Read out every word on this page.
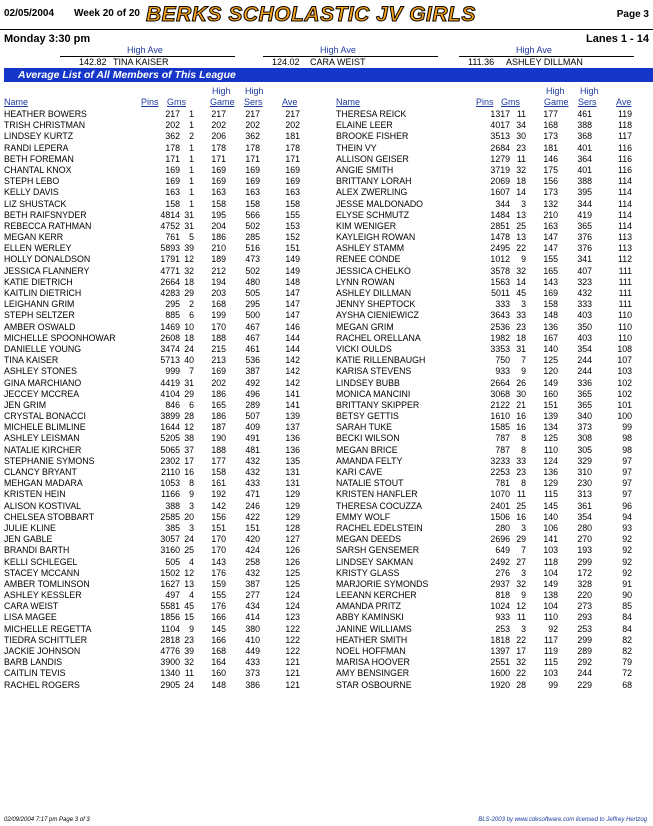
02/05/2004 Week 20 of 20 BERKS SCHOLASTIC JV GIRLS	Page 3
Monday 3:30 pm	Lanes 1 - 14
High Ave
142.82 TINA KAISER
High Ave
124.02 CARA WEIST
High Ave
111.36 ASHLEY DILLMAN
Average List of All Members of This League
Name	Pins Gms
High
Game
High
Sers Ave	Name	Pins Gms
High
Game
High
Sers Ave
HEATHER BOWERS	217 1 217 217	217
TRISH CHRISTMAN	202 1 202 202	202
LINDSEY KURTZ	362 2 206 362	181
RANDI LEPERA	178 1 178 178	178
BETH FOREMAN	171 1 171 171	171
CHANTAL KNOX	169 1 169 169	169
STEPH LEBO	169 1 169 169	169
KELLY DAVIS	163 1 163 163	163
LIZ SHUSTACK	158 1 158 158	158
BETH RAIFSNYDER	4814 31 195 566	155
REBECCA RATHMAN	4752 31 204 502	153
MEGAN KERR	761 5 186 285	152
ELLEN WERLEY	5893 39 210 516	151
HOLLY DONALDSON	1791 12 189 473	149
JESSICA FLANNERY	4771 32 212 502	149
KATIE DIETRICH	2664 18 194 480	148
KAITLIN DIETRICH	4283 29 203 505	147
LEIGHANN GRIM	295 2 168 295	147
STEPH SELTZER	885 6 199 500	147
AMBER OSWALD	1469 10 170 467	146
MICHELLE SPOONHOWAR	2608 18 188 467	144
DANIELLE YOUNG	3474 24 215 461	144
TINA KAISER	5713 40 213 536	142
ASHLEY STONES	999 7 169 387	142
GINA MARCHIANO	4419 31 202 492	142
JECCEY MCCREA	4104 29 186 496	141
JEN GRIM	846 6 165 289	141
CRYSTAL BONACCI	3899 28 186 507	139
MICHELE BLIMLINE	1644 12 187 409	137
ASHLEY LEISMAN	5205 38 190 491	136
NATALIE KIRCHER	5065 37 188 481	136
STEPHANIE SYMONS	2302 17 177 432	135
CLANCY BRYANT	2110 16 158 432	131
MEHGAN MADARA	1053 8 161 433	131
KRISTEN HEIN	1166 9 192 471	129
ALISON KOSTIVAL	388 3 142 246	129
CHELSEA STOBBART	2585 20 156 422	129
JULIE KLINE	385 3 151 151	128
JEN GABLE	3057 24 170 420	127
BRANDI BARTH	3160 25 170 424	126
KELLI SCHLEGEL	505 4 143 258	126
STACEY MCCANN	1502 12 176 432	125
AMBER TOMLINSON	1627 13 159 387	125
ASHLEY KESSLER	497 4 155 277	124
CARA WEIST	5581 45 176 434	124
LISA MAGEE	1856 15 166 414	123
MICHELLE REGETTA	1104 9 145 380	122
TIEDRA SCHITTLER	2818 23 166 410	122
JACKIE JOHNSON	4776 39 168 449	122
BARB LANDIS	3900 32 164 433	121
CAITLIN TEVIS	1340 11 160 373	121
RACHEL ROGERS	2905 24 148 386	121
THERESA REICK	1317 11 177 461	119
ELAINE LEER	4017 34 168 388	118
BROOKE FISHER	3513 30 173 368	117
THEIN VY	2684 23 181 401	116
ALLISON GEISER	1279 11 146 364	116
ANGIE SMITH	3719 32 175 401	116
BRITTANY LORAH	2069 18 156 388	114
ALEX ZWERLING	1607 14 173 395	114
JESSE MALDONADO	344 3 132 344	114
ELYSE SCHMUTZ	1484 13 210 419	114
KIM WENIGER	2851 25 163 365	114
KAYLEIGH ROWAN	1478 13 147 376	113
ASHLEY STAMM	2495 22 147 376	113
RENEE CONDE	1012 9 155 341	112
JESSICA CHELKO	3578 32 165 407	111
LYNN ROWAN	1563 14 143 323	111
ASHLEY DILLMAN	5011 45 169 432	111
JENNY SHEPTOCK	333 3 158 333	111
AYSHA CIENIEWICZ	3643 33 148 403	110
MEGAN GRIM	2536 23 136 350	110
RACHEL ORELLANA	1982 18 167 403	110
VICKI OULDS	3353 31 140 354	108
KATIE RILLENBAUGH	750 7 125 244	107
KARISA STEVENS	933 9 120 244	103
LINDSEY BUBB	2664 26 149 336	102
MONICA MANCINI	3068 30 160 365	102
BRITTANY SKIPPER	2122 21 151 365	101
BETSY GETTIS	1610 16 139 340	100
SARAH TUKE	1585 16 134 373	99
BECKI WILSON	787 8 125 308	98
MEGAN BRICE	787 8 110 305	98
AMANDA FELTY	3233 33 124 329	97
KARI CAVE	2253 23 136 310	97
NATALIE STOUT	781 8 129 230	97
KRISTEN HANFLER	1070 11 115 313	97
THERESA COCUZZA	2401 25 145 361	96
EMMY WOLF	1506 16 140 354	94
RACHEL EDELSTEIN	280 3 106 280	93
MEGAN DEEDS	2696 29 141 270	92
SARSH GENSEMER	649 7 103 193	92
LINDSEY SAKMAN	2492 27 118 299	92
KRISTY GLASS	276 3 104 172	92
MARJORIE SYMONDS	2937 32 149 328	91
LEEANN KERCHER	818 9 138 220	90
AMANDA PRITZ	1024 12 104 273	85
ABBY KAMINSKI	933 11 110 293	84
JANINE WILLIAMS	253 3	92 253	84
HEATHER SMITH	1818 22 117 299	82
NOEL HOFFMAN	1397 17 119 289	82
MARISA HOOVER	2551 32 115 292	79
AMY BENSINGER	1600 22 103 244	72
STAR OSBOURNE	1920 28	99 229	68
02/09/2004 7:17 pm Page 3 of 3	BLS-2003 by www.cdesoftware.com licensed to Jeffrey Hertzog
